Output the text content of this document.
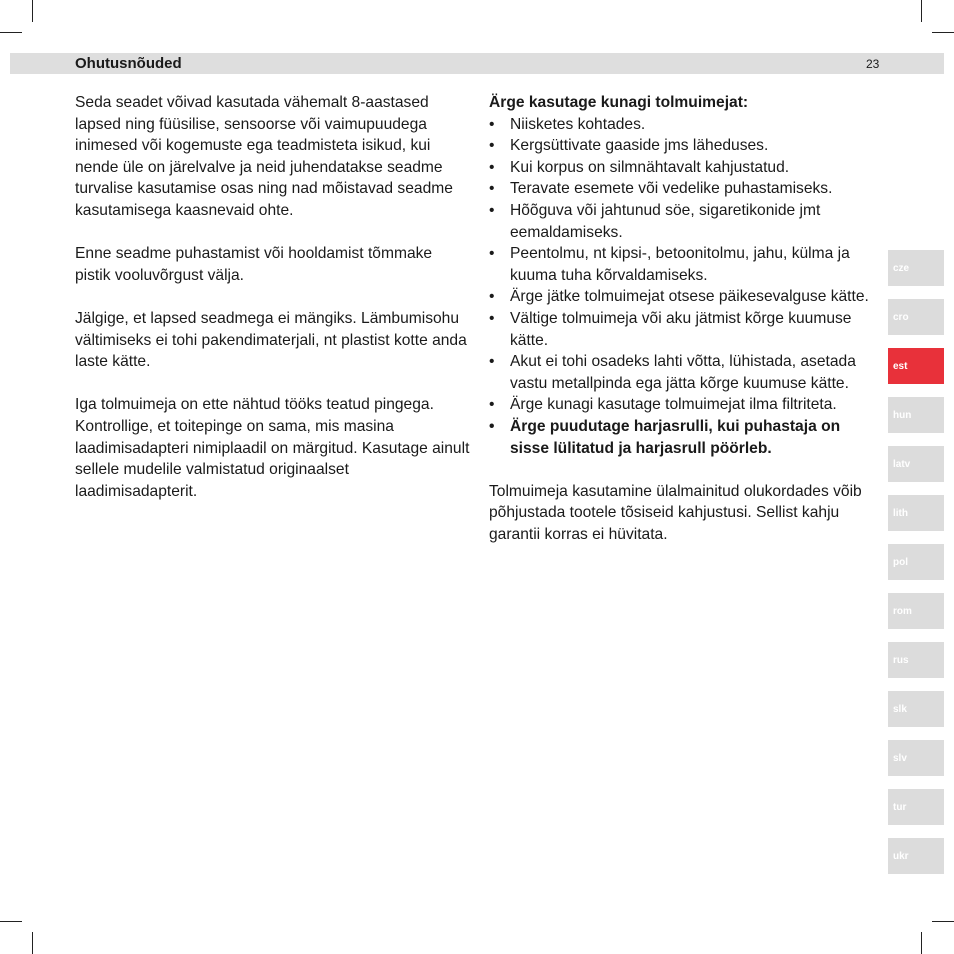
Ohutusnõuded	23

Seda seadet võivad kasutada vähemalt 8-aastased lapsed ning füüsilise, sensoorse või vaimupuudega inimesed või kogemuste ega teadmisteta isikud, kui nende üle on järelvalve ja neid juhendatakse seadme turvalise kasutamise osas ning nad mõistavad seadme kasutamisega kaasnevaid ohte.

Enne seadme puhastamist või hooldamist tõmmake pistik vooluvõrgust välja.

Jälgige, et lapsed seadmega ei mängiks. Lämbumisohu vältimiseks ei tohi pakendimaterjali, nt plastist kotte anda laste kätte.

Iga tolmuimeja on ette nähtud tööks teatud pingega. Kontrollige, et toitepinge on sama, mis masina laadimisadapteri nimiplaadil on märgitud. Kasutage ainult sellele mudelile valmistatud originaalset laadimisadapterit.

Ärge kasutage kunagi tolmuimejat:

• Niisketes kohtades.
• Kergsüttivate gaaside jms läheduses.
• Kui korpus on silmnähtavalt kahjustatud.
• Teravate esemete või vedelike puhastamiseks.
• Hõõguva või jahtunud söe, sigaretikonide jmt eemaldamiseks.
• Peentolmu, nt kipsi-, betoonitolmu, jahu, külma ja kuuma tuha kõrvaldamiseks.
• Ärge jätke tolmuimejat otsese päikesevalguse kätte.
• Vältige tolmuimeja või aku jätmist kõrge kuumuse kätte.
• Akut ei tohi osadeks lahti võtta, lühistada, asetada vastu metallpinda ega jätta kõrge kuumuse kätte.
• Ärge kunagi kasutage tolmuimejat ilma filtriteta.
• Ärge puudutage harjasrulli, kui puhastaja on sisse lülitatud ja harjasrull pöörleb.

Tolmuimeja kasutamine ülalmainitud olukordades võib põhjustada tootele tõsiseid kahjustusi. Sellist kahju garantii korras ei hüvitata.

cze
cro
est
hun
latv
lith
pol
rom
rus
slk
slv
tur
ukr
